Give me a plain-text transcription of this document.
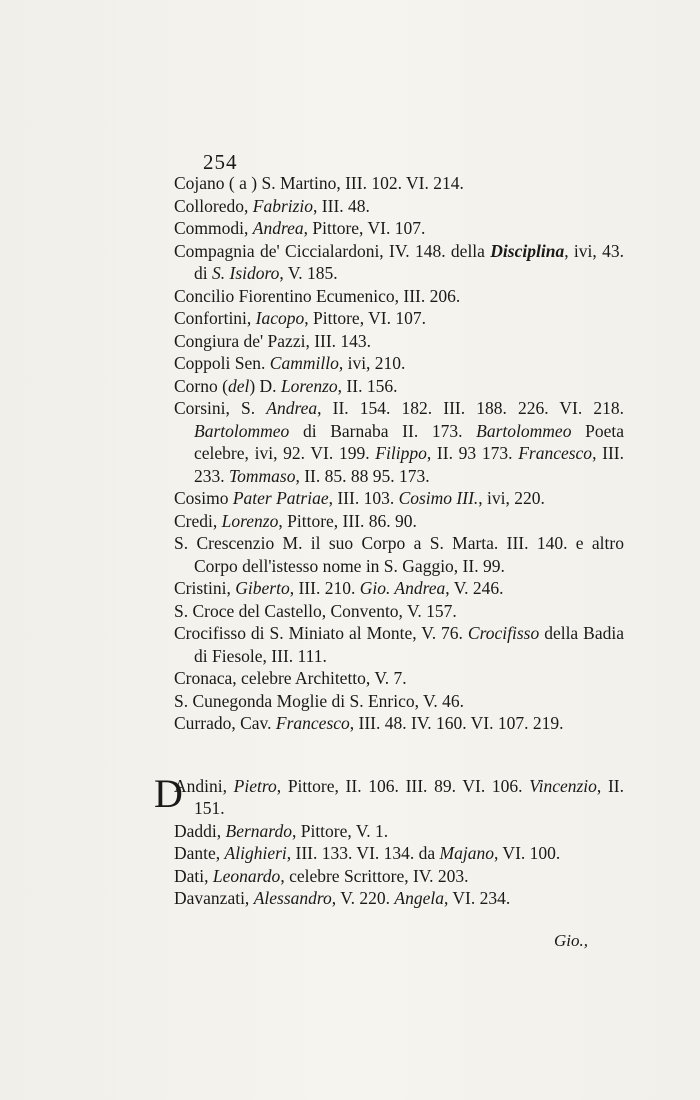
254

Cojano ( a ) S. Martino, III. 102. VI. 214.

Colloredo, Fabrizio, III. 48.

Commodi, Andrea, Pittore, VI. 107.

Compagnia de' Ciccialardoni, IV. 148. della Disciplina, ivi, 43. di S. Isidoro, V. 185.

Concilio Fiorentino Ecumenico, III. 206.

Confortini, Iacopo, Pittore, VI. 107.

Congiura de' Pazzi, III. 143.

Coppoli Sen. Cammillo, ivi, 210.

Corno (del) D. Lorenzo, II. 156.

Corsini, S. Andrea, II. 154. 182. III. 188. 226. VI. 218. Bartolommeo di Barnaba II. 173. Bartolommeo Poeta celebre, ivi, 92. VI. 199. Filippo, II. 93 173. Francesco, III. 233. Tommaso, II. 85. 88 95. 173.

Cosimo Pater Patriae, III. 103. Cosimo III., ivi, 220.

Credi, Lorenzo, Pittore, III. 86. 90.

S. Crescenzio M. il suo Corpo a S. Marta. III. 140. e altro Corpo dell'istesso nome in S. Gaggio, II. 99.

Cristini, Giberto, III. 210. Gio. Andrea, V. 246.

S. Croce del Castello, Convento, V. 157.

Crocifisso di S. Miniato al Monte, V. 76. Crocifisso della Badia di Fiesole, III. 111.

Cronaca, celebre Architetto, V. 7.

S. Cunegonda Moglie di S. Enrico, V. 46.

Currado, Cav. Francesco, III. 48. IV. 160. VI. 107. 219.

D
Andini, Pietro, Pittore, II. 106. III. 89. VI. 106. Vincenzio, II. 151.

Daddi, Bernardo, Pittore, V. 1.

Dante, Alighieri, III. 133. VI. 134. da Majano, VI. 100.

Dati, Leonardo, celebre Scrittore, IV. 203.

Davanzati, Alessandro, V. 220. Angela, VI. 234.

Gio.,
